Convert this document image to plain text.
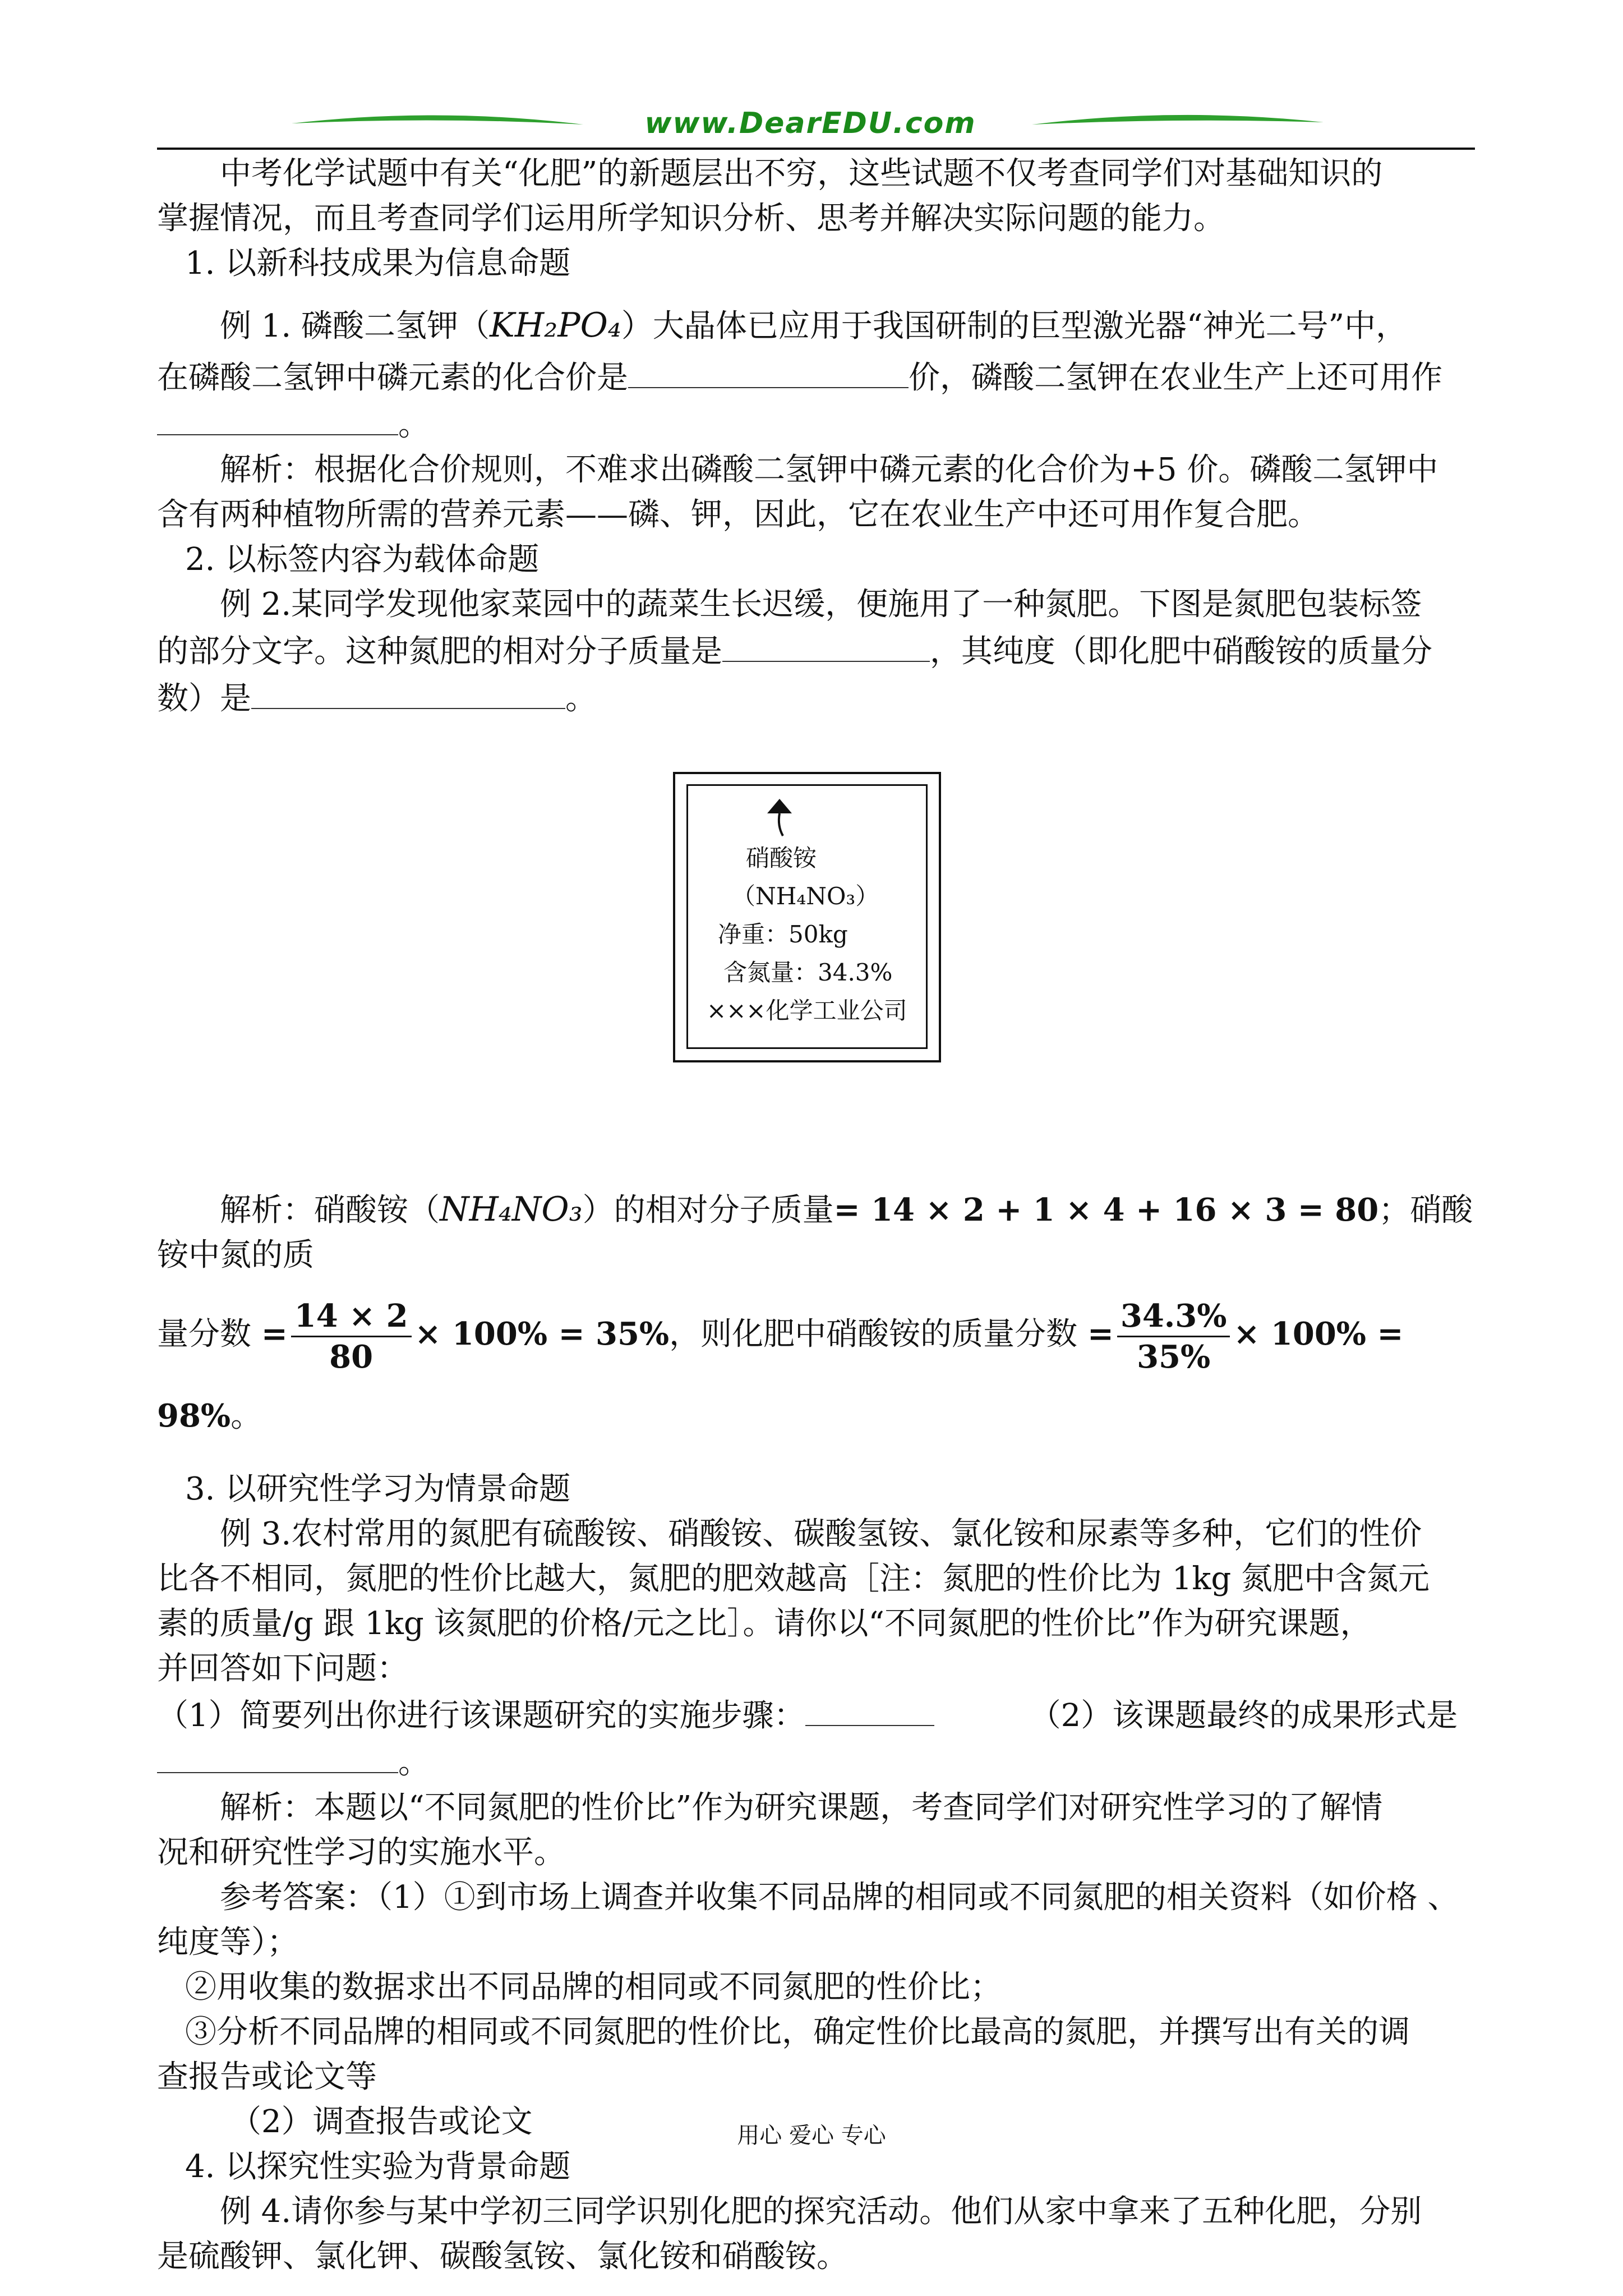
www.DearEDU.com

中考化学试题中有关“化肥”的新题层出不穷，这些试题不仅考查同学们对基础知识的

掌握情况，而且考查同学们运用所学知识分析、思考并解决实际问题的能力。

1. 以新科技成果为信息命题

例 1. 磷酸二氢钾（KH₂PO₄）大晶体已应用于我国研制的巨型激光器“神光二号”中，

在磷酸二氢钾中磷元素的化合价是	价，磷酸二氢钾在农业生产上还可用作

。

解析：根据化合价规则，不难求出磷酸二氢钾中磷元素的化合价为+5 价。磷酸二氢钾中

含有两种植物所需的营养元素——磷、钾，因此，它在农业生产中还可用作复合肥。

2. 以标签内容为载体命题

例 2.某同学发现他家菜园中的蔬菜生长迟缓，便施用了一种氮肥。下图是氮肥包装标签

的部分文字。这种氮肥的相对分子质量是	，其纯度（即化肥中硝酸铵的质量分

数）是	。

硝酸铵
（NH₄NO₃）
净重：50kg
含氮量：34.3%
×××化学工业公司

解析：硝酸铵（NH₄NO₃）的相对分子质量= 14 × 2 + 1 × 4 + 16 × 3 = 80；硝酸铵中氮的质

量分数 = $\frac{14 \times 2}{80} \times 100\% = 35\%$，则化肥中硝酸铵的质量分数 = $\frac{34.3\%}{35\%} \times 100\% = 98\%$。

3. 以研究性学习为情景命题

例 3.农村常用的氮肥有硫酸铵、硝酸铵、碳酸氢铵、氯化铵和尿素等多种，它们的性价

比各不相同，氮肥的性价比越大，氮肥的肥效越高［注：氮肥的性价比为 1kg 氮肥中含氮元

素的质量/g 跟 1kg 该氮肥的价格/元之比］。请你以“不同氮肥的性价比”作为研究课题，

并回答如下问题：

（1）简要列出你进行该课题研究的实施步骤：	（2）该课题最终的成果形式是

。

解析：本题以“不同氮肥的性价比”作为研究课题，考查同学们对研究性学习的了解情

况和研究性学习的实施水平。

参考答案：（1）①到市场上调查并收集不同品牌的相同或不同氮肥的相关资料（如价格 、

纯度等）；

②用收集的数据求出不同品牌的相同或不同氮肥的性价比；

③分析不同品牌的相同或不同氮肥的性价比，确定性价比最高的氮肥，并撰写出有关的调

查报告或论文等

（2）调查报告或论文

4. 以探究性实验为背景命题

例 4.请你参与某中学初三同学识别化肥的探究活动。他们从家中拿来了五种化肥，分别

是硫酸钾、氯化钾、碳酸氢铵、氯化铵和硝酸铵。

用心 爱心 专心
